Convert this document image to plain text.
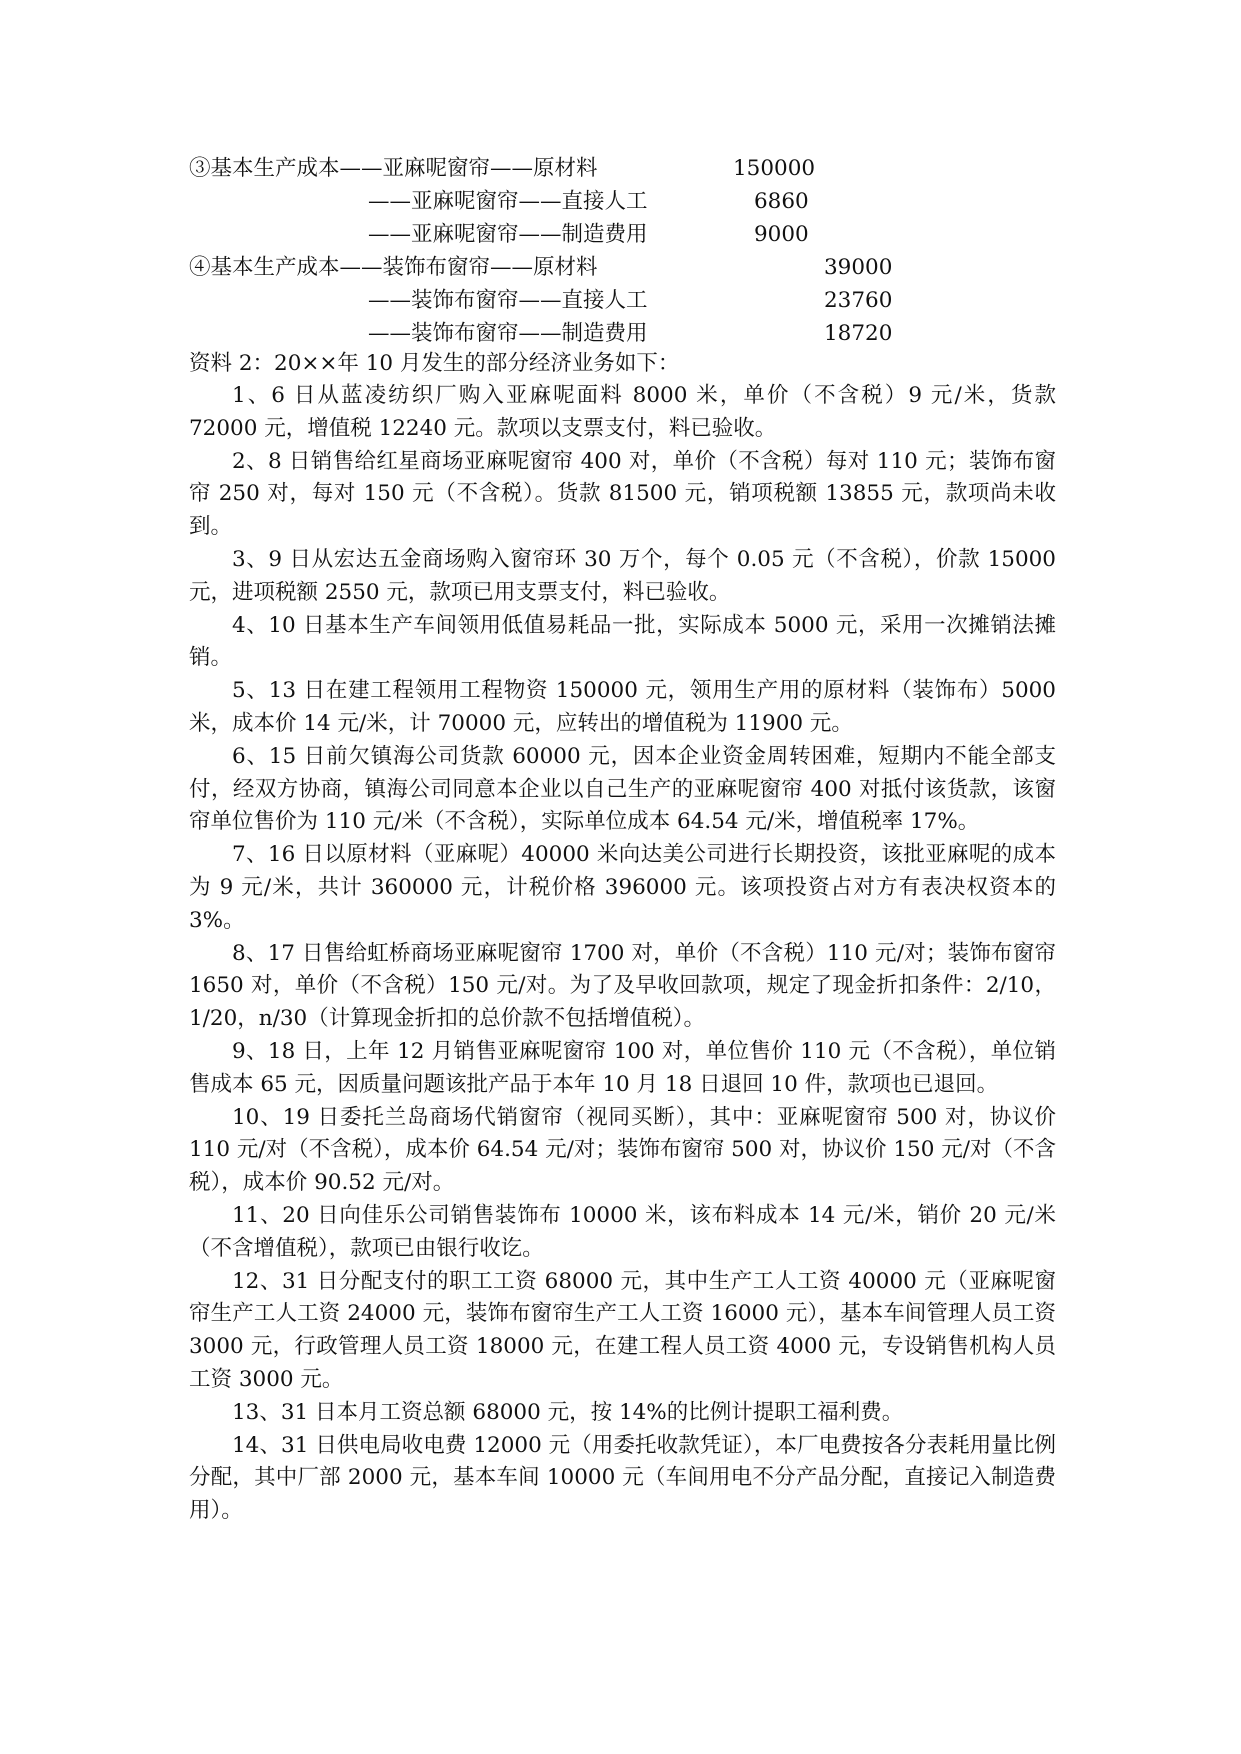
③基本生产成本——亚麻呢窗帘——原材料	150000
——亚麻呢窗帘——直接人工	6860
——亚麻呢窗帘——制造费用	9000
④基本生产成本——装饰布窗帘——原材料	39000
——装饰布窗帘——直接人工	23760
——装饰布窗帘——制造费用	18720
资料 2：20××年 10 月发生的部分经济业务如下：

1、6 日从蓝凌纺织厂购入亚麻呢面料 8000 米，单价（不含税）9 元/米，货款 72000 元，增值税 12240 元。款项以支票支付，料已验收。

2、8 日销售给红星商场亚麻呢窗帘 400 对，单价（不含税）每对 110 元；装饰布窗帘 250 对，每对 150 元（不含税）。货款 81500 元，销项税额 13855 元，款项尚未收到。

3、9 日从宏达五金商场购入窗帘环 30 万个，每个 0.05 元（不含税），价款 15000 元，进项税额 2550 元，款项已用支票支付，料已验收。

4、10 日基本生产车间领用低值易耗品一批，实际成本 5000 元，采用一次摊销法摊销。

5、13 日在建工程领用工程物资 150000 元，领用生产用的原材料（装饰布）5000 米，成本价 14 元/米，计 70000 元，应转出的增值税为 11900 元。

6、15 日前欠镇海公司货款 60000 元，因本企业资金周转困难，短期内不能全部支付，经双方协商，镇海公司同意本企业以自己生产的亚麻呢窗帘 400 对抵付该货款，该窗帘单位售价为 110 元/米（不含税），实际单位成本 64.54 元/米，增值税率 17%。

7、16 日以原材料（亚麻呢）40000 米向达美公司进行长期投资，该批亚麻呢的成本为 9 元/米，共计 360000 元，计税价格 396000 元。该项投资占对方有表决权资本的 3%。

8、17 日售给虹桥商场亚麻呢窗帘 1700 对，单价（不含税）110 元/对；装饰布窗帘 1650 对，单价（不含税）150 元/对。为了及早收回款项，规定了现金折扣条件：2/10，1/20，n/30（计算现金折扣的总价款不包括增值税）。

9、18 日，上年 12 月销售亚麻呢窗帘 100 对，单位售价 110 元（不含税），单位销售成本 65 元，因质量问题该批产品于本年 10 月 18 日退回 10 件，款项也已退回。

10、19 日委托兰岛商场代销窗帘（视同买断），其中：亚麻呢窗帘 500 对，协议价 110 元/对（不含税），成本价 64.54 元/对；装饰布窗帘 500 对，协议价 150 元/对（不含税），成本价 90.52 元/对。

11、20 日向佳乐公司销售装饰布 10000 米，该布料成本 14 元/米，销价 20 元/米（不含增值税），款项已由银行收讫。

12、31 日分配支付的职工工资 68000 元，其中生产工人工资 40000 元（亚麻呢窗帘生产工人工资 24000 元，装饰布窗帘生产工人工资 16000 元），基本车间管理人员工资 3000 元，行政管理人员工资 18000 元，在建工程人员工资 4000 元，专设销售机构人员工资 3000 元。

13、31 日本月工资总额 68000 元，按 14%的比例计提职工福利费。

14、31 日供电局收电费 12000 元（用委托收款凭证），本厂电费按各分表耗用量比例分配，其中厂部 2000 元，基本车间 10000 元（车间用电不分产品分配，直接记入制造费用）。
